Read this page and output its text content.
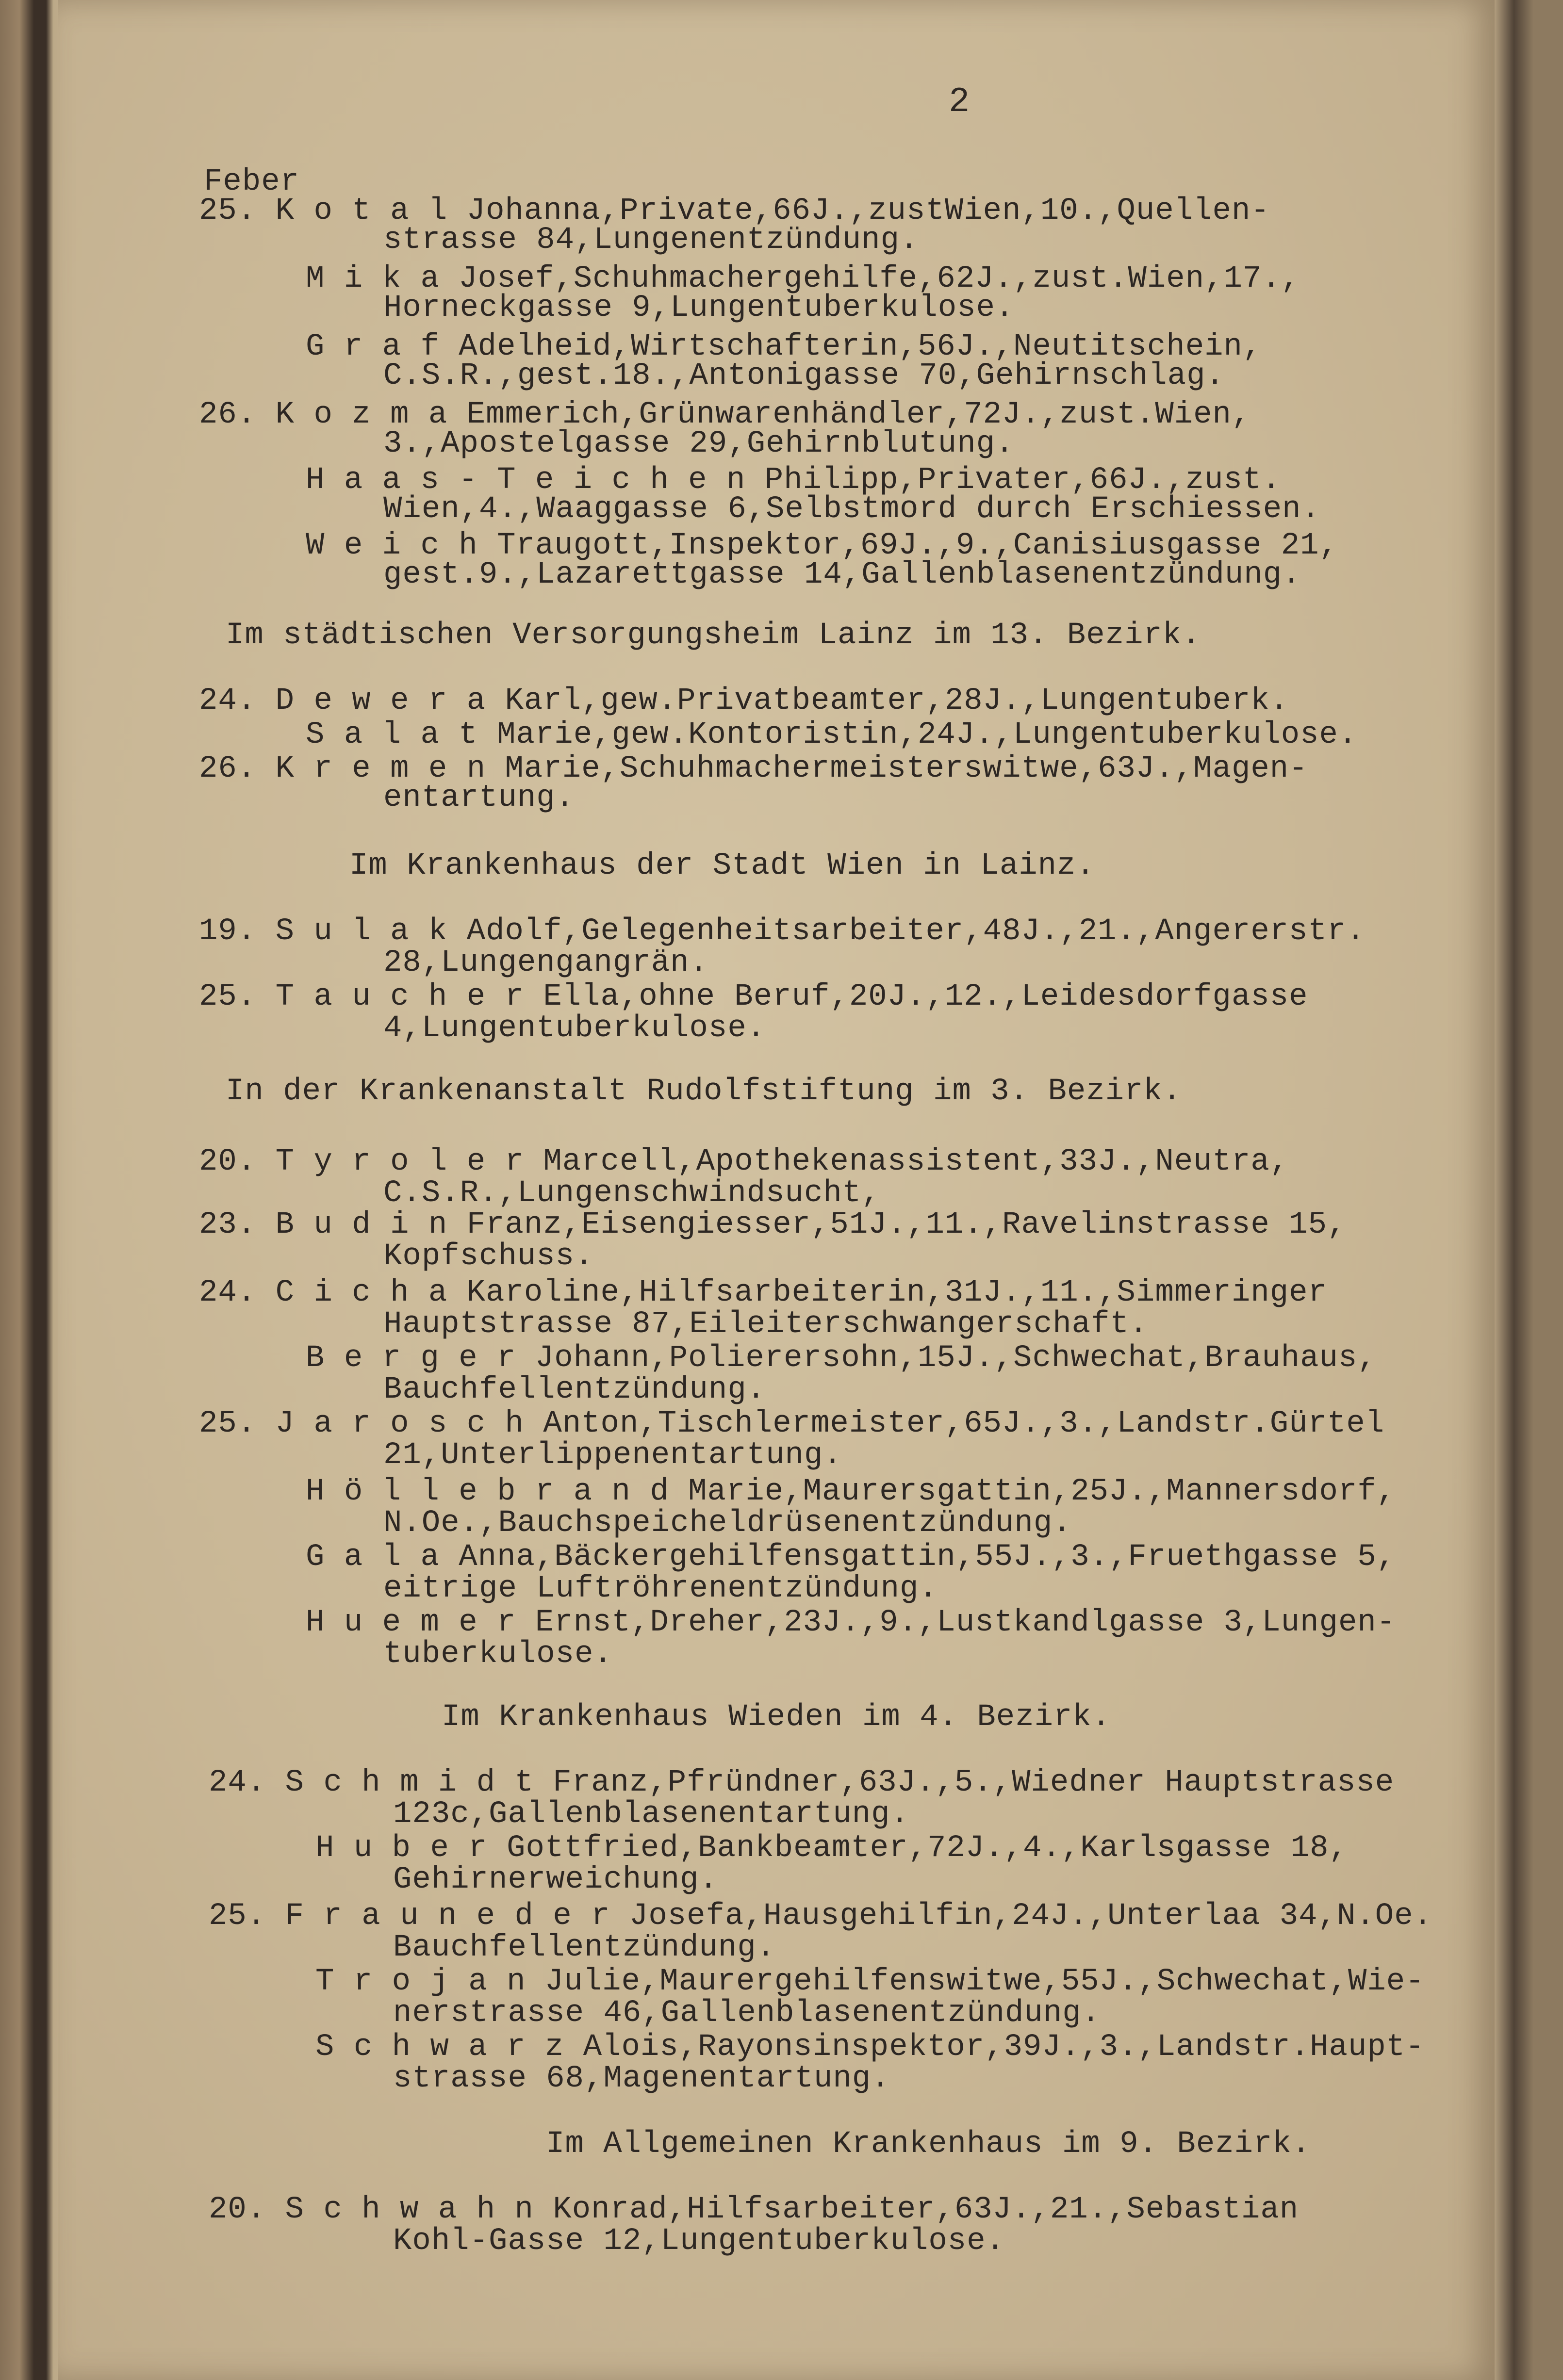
2
Feber
25. K o t a l Johanna,Private,66J.,zustWien,10.,Quellen-
strasse 84,Lungenentzündung.
M i k a Josef,Schuhmachergehilfe,62J.,zust.Wien,17.,
Horneckgasse 9,Lungentuberkulose.
G r a f Adelheid,Wirtschafterin,56J.,Neutitschein,
C.S.R.,gest.18.,Antonigasse 70,Gehirnschlag.
26. K o z m a Emmerich,Grünwarenhändler,72J.,zust.Wien,
3.,Apostelgasse 29,Gehirnblutung.
H a a s - T e i c h e n Philipp,Privater,66J.,zust.
Wien,4.,Waaggasse 6,Selbstmord durch Erschiessen.
W e i c h Traugott,Inspektor,69J.,9.,Canisiusgasse 21,
gest.9.,Lazarettgasse 14,Gallenblasenentzündung.
Im städtischen Versorgungsheim Lainz im 13. Bezirk.
24. D e w e r a Karl,gew.Privatbeamter,28J.,Lungentuberk.
S a l a t Marie,gew.Kontoristin,24J.,Lungentuberkulose.
26. K r e m e n Marie,Schuhmachermeisterswitwe,63J.,Magen-
entartung.
Im Krankenhaus der Stadt Wien in Lainz.
19. S u l a k Adolf,Gelegenheitsarbeiter,48J.,21.,Angererstr.
28,Lungengangrän.
25. T a u c h e r Ella,ohne Beruf,20J.,12.,Leidesdorfgasse
4,Lungentuberkulose.
In der Krankenanstalt Rudolfstiftung im 3. Bezirk.
20. T y r o l e r Marcell,Apothekenassistent,33J.,Neutra,
C.S.R.,Lungenschwindsucht,
23. B u d i n Franz,Eisengiesser,51J.,11.,Ravelinstrasse 15,
Kopfschuss.
24. C i c h a Karoline,Hilfsarbeiterin,31J.,11.,Simmeringer
Hauptstrasse 87,Eileiterschwangerschaft.
B e r g e r Johann,Polierersohn,15J.,Schwechat,Brauhaus,
Bauchfellentzündung.
25. J a r o s c h Anton,Tischlermeister,65J.,3.,Landstr.Gürtel
21,Unterlippenentartung.
H ö l l e b r a n d Marie,Maurersgattin,25J.,Mannersdorf,
N.Oe.,Bauchspeicheldrüsenentzündung.
G a l a Anna,Bäckergehilfensgattin,55J.,3.,Fruethgasse 5,
eitrige Luftröhrenentzündung.
H u e m e r Ernst,Dreher,23J.,9.,Lustkandlgasse 3,Lungen-
tuberkulose.
Im Krankenhaus Wieden im 4. Bezirk.
24. S c h m i d t Franz,Pfründner,63J.,5.,Wiedner Hauptstrasse
123c,Gallenblasenentartung.
H u b e r Gottfried,Bankbeamter,72J.,4.,Karlsgasse 18,
Gehirnerweichung.
25. F r a u n e d e r Josefa,Hausgehilfin,24J.,Unterlaa 34,N.Oe.
Bauchfellentzündung.
T r o j a n Julie,Maurergehilfenswitwe,55J.,Schwechat,Wie-
nerstrasse 46,Gallenblasenentzündung.
S c h w a r z Alois,Rayonsinspektor,39J.,3.,Landstr.Haupt-
strasse 68,Magenentartung.
Im Allgemeinen Krankenhaus im 9. Bezirk.
20. S c h w a h n Konrad,Hilfsarbeiter,63J.,21.,Sebastian
Kohl-Gasse 12,Lungentuberkulose.
